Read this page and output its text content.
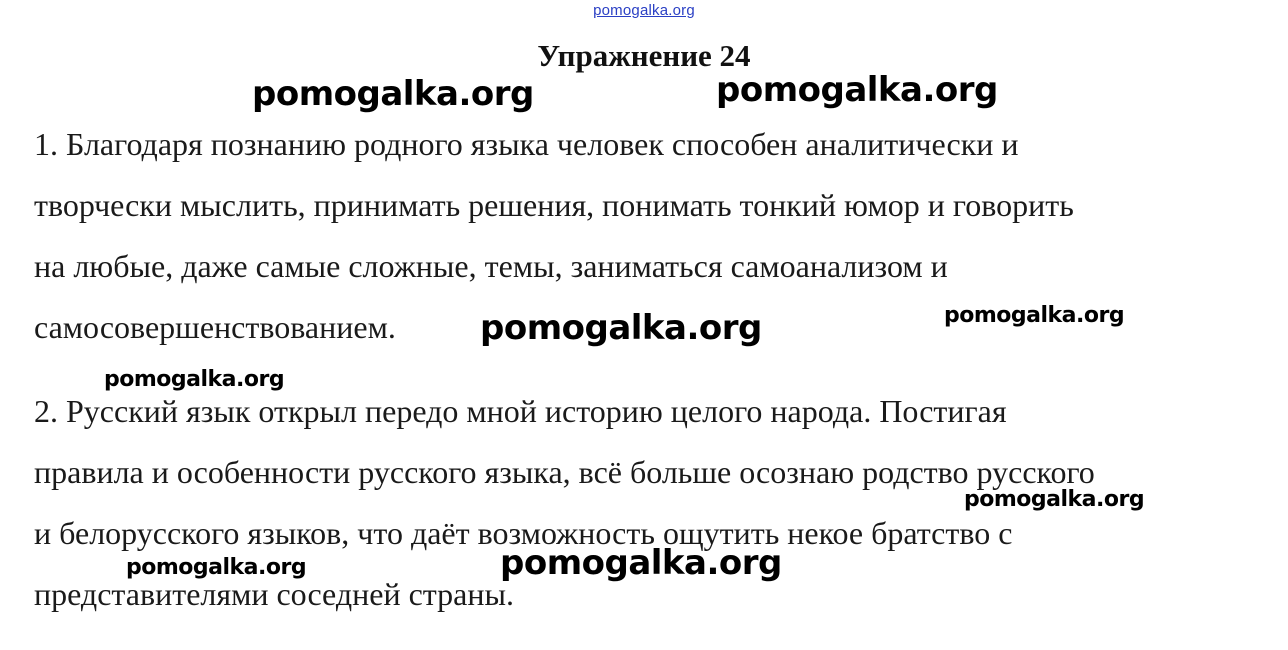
pomogalka.org
Упражнение 24
1. Благодаря познанию родного языка человек способен аналитически и
творчески мыслить, принимать решения, понимать тонкий юмор и говорить
на любые, даже самые сложные, темы, заниматься самоанализом и
самосовершенствованием.
2. Русский язык открыл передо мной историю целого народа. Постигая
правила и особенности русского языка, всё больше осознаю родство русского
и белорусского языков, что даёт возможность ощутить некое братство с
представителями соседней страны.
pomogalka.org	pomogalka.org
pomogalka.org	pomogalka.org
pomogalka.org
pomogalka.org
pomogalka.org
pomogalka.org
